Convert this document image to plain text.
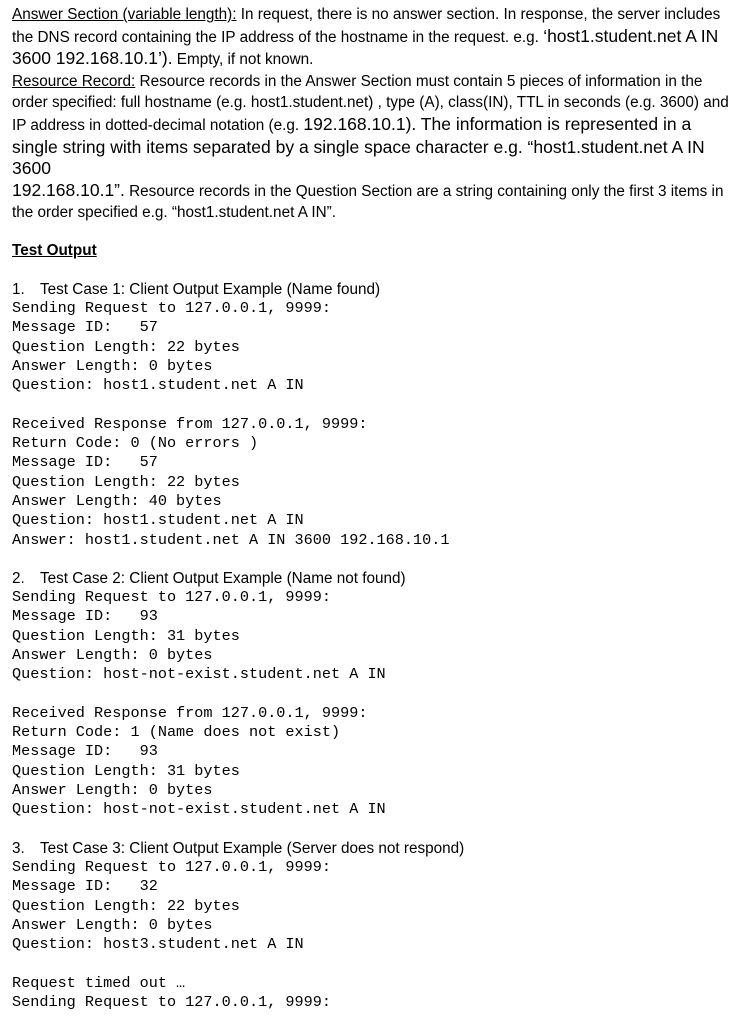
Answer Section (variable length): In request, there is no answer section. In response, the server includes

the DNS record containing the IP address of the hostname in the request. e.g. ‘host1.student.net A IN

3600 192.168.10.1’). Empty, if not known.

Resource Record: Resource records in the Answer Section must contain 5 pieces of information in the

order specified: full hostname (e.g. host1.student.net) , type (A), class(IN), TTL in seconds (e.g. 3600) and

IP address in dotted-decimal notation (e.g. 192.168.10.1). The information is represented in a

single string with items separated by a single space character e.g. “host1.student.net A IN 3600

192.168.10.1”. Resource records in the Question Section are a string containing only the first 3 items in

the order specified e.g. “host1.student.net A IN”.

Test Output

1. Test Case 1: Client Output Example (Name found)

Sending Request to 127.0.0.1, 9999:

Message ID:   57

Question Length: 22 bytes

Answer Length: 0 bytes

Question: host1.student.net A IN

Received Response from 127.0.0.1, 9999:

Return Code: 0 (No errors )

Message ID:   57

Question Length: 22 bytes

Answer Length: 40 bytes

Question: host1.student.net A IN

Answer: host1.student.net A IN 3600 192.168.10.1

2. Test Case 2: Client Output Example (Name not found)

Sending Request to 127.0.0.1, 9999:

Message ID:   93

Question Length: 31 bytes

Answer Length: 0 bytes

Question: host-not-exist.student.net A IN

Received Response from 127.0.0.1, 9999:

Return Code: 1 (Name does not exist)

Message ID:   93

Question Length: 31 bytes

Answer Length: 0 bytes

Question: host-not-exist.student.net A IN

3. Test Case 3: Client Output Example (Server does not respond)

Sending Request to 127.0.0.1, 9999:

Message ID:   32

Question Length: 22 bytes

Answer Length: 0 bytes

Question: host3.student.net A IN

Request timed out …

Sending Request to 127.0.0.1, 9999:
